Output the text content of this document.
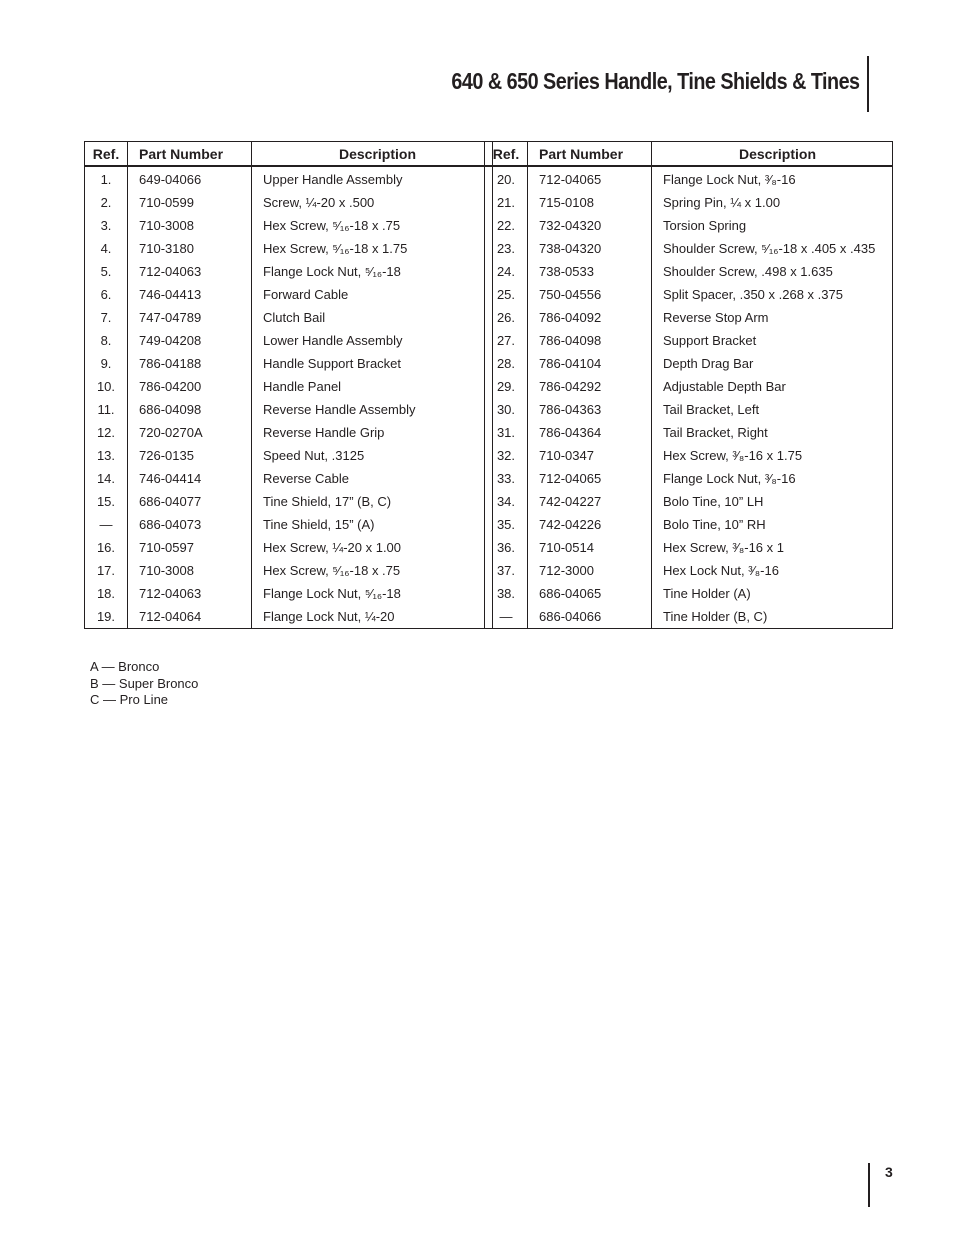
640 & 650 Series Handle, Tine Shields & Tines
Ref.	Part Number	Description
1.	649-04066	Upper Handle Assembly
2.	710-0599	Screw, ¼-20 x .500
3.	710-3008	Hex Screw, ⁵⁄₁₆-18 x .75
4.	710-3180	Hex Screw, ⁵⁄₁₆-18 x 1.75
5.	712-04063	Flange Lock Nut, ⁵⁄₁₆-18
6.	746-04413	Forward Cable
7.	747-04789	Clutch Bail
8.	749-04208	Lower Handle Assembly
9.	786-04188	Handle Support Bracket
10.	786-04200	Handle Panel
11.	686-04098	Reverse Handle Assembly
12.	720-0270A	Reverse Handle Grip
13.	726-0135	Speed Nut, .3125
14.	746-04414	Reverse Cable
15.	686-04077	Tine Shield, 17” (B, C)
—	686-04073	Tine Shield, 15” (A)
16.	710-0597	Hex Screw, ¼-20 x 1.00
17.	710-3008	Hex Screw, ⁵⁄₁₆-18 x .75
18.	712-04063	Flange Lock Nut, ⁵⁄₁₆-18
19.	712-04064	Flange Lock Nut, ¼-20
Ref.	Part Number	Description
20.	712-04065	Flange Lock Nut, ³⁄₈-16
21.	715-0108	Spring Pin, ¼ x 1.00
22.	732-04320	Torsion Spring
23.	738-04320	Shoulder Screw, ⁵⁄₁₆-18 x .405 x .435
24.	738-0533	Shoulder Screw, .498 x 1.635
25.	750-04556	Split Spacer, .350 x .268 x .375
26.	786-04092	Reverse Stop Arm
27.	786-04098	Support Bracket
28.	786-04104	Depth Drag Bar
29.	786-04292	Adjustable Depth Bar
30.	786-04363	Tail Bracket, Left
31.	786-04364	Tail Bracket, Right
32.	710-0347	Hex Screw, ³⁄₈-16 x 1.75
33.	712-04065	Flange Lock Nut, ³⁄₈-16
34.	742-04227	Bolo Tine, 10” LH
35.	742-04226	Bolo Tine, 10” RH
36.	710-0514	Hex Screw, ³⁄₈-16 x 1
37.	712-3000	Hex Lock Nut, ³⁄₈-16
38.	686-04065	Tine Holder (A)
—	686-04066	Tine Holder (B, C)
A — Bronco
B — Super Bronco
C — Pro Line
3
